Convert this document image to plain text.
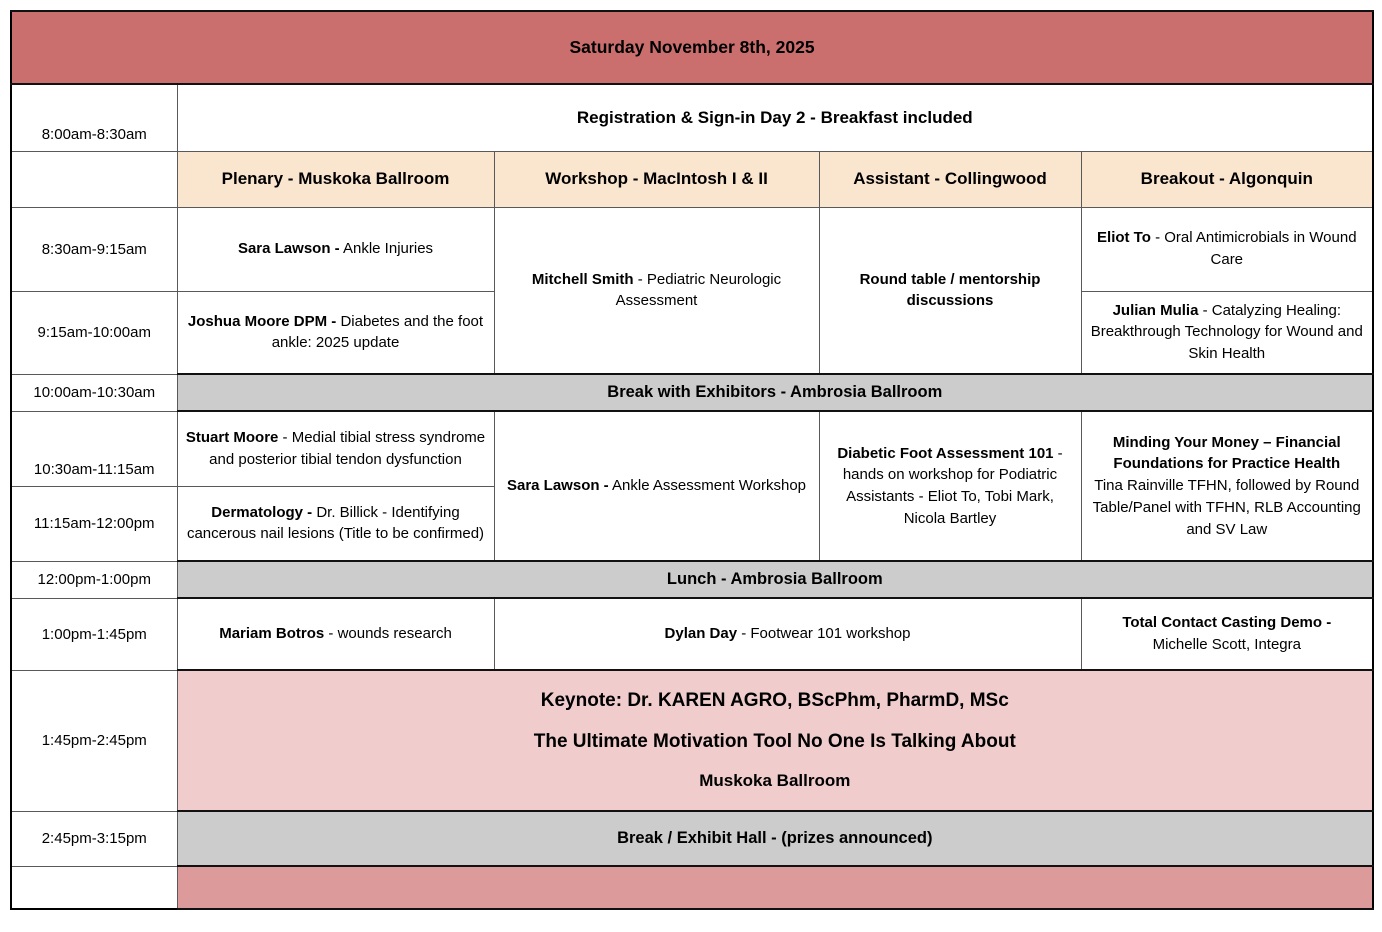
Saturday November 8th, 2025				
8:00am-8:30am	Registration & Sign-in Day 2 - Breakfast included			
	Plenary - Muskoka Ballroom	Workshop - MacIntosh I & II	Assistant - Collingwood	Breakout - Algonquin
8:30am-9:15am	Sara Lawson - Ankle Injuries	Mitchell Smith - Pediatric Neurologic Assessment	Round table / mentorship discussions	Eliot To - Oral Antimicrobials in Wound Care
9:15am-10:00am	Joshua Moore DPM - Diabetes and the foot ankle: 2025 update			Julian Mulia - Catalyzing Healing: Breakthrough Technology for Wound and Skin Health
10:00am-10:30am	Break with Exhibitors - Ambrosia Ballroom			
10:30am-11:15am	Stuart Moore - Medial tibial stress syndrome and posterior tibial tendon dysfunction	Sara Lawson - Ankle Assessment Workshop	Diabetic Foot Assessment 101 - hands on workshop for Podiatric Assistants - Eliot To, Tobi Mark, Nicola Bartley	Minding Your Money – Financial Foundations for Practice Health
Tina Rainville TFHN, followed by Round Table/Panel with TFHN, RLB Accounting and SV Law
11:15am-12:00pm	Dermatology - Dr. Billick - Identifying cancerous nail lesions (Title to be confirmed)			
12:00pm-1:00pm	Lunch - Ambrosia Ballroom			
1:00pm-1:45pm	Mariam Botros - wounds research	Dylan Day - Footwear 101 workshop		Total Contact Casting Demo -
Michelle Scott, Integra
1:45pm-2:45pm	Keynote: Dr. KAREN AGRO, BScPhm, PharmD, MSc
The Ultimate Motivation Tool No One Is Talking About
Muskoka Ballroom			

2:45pm-3:15pm	Break / Exhibit Hall - (prizes announced)			
